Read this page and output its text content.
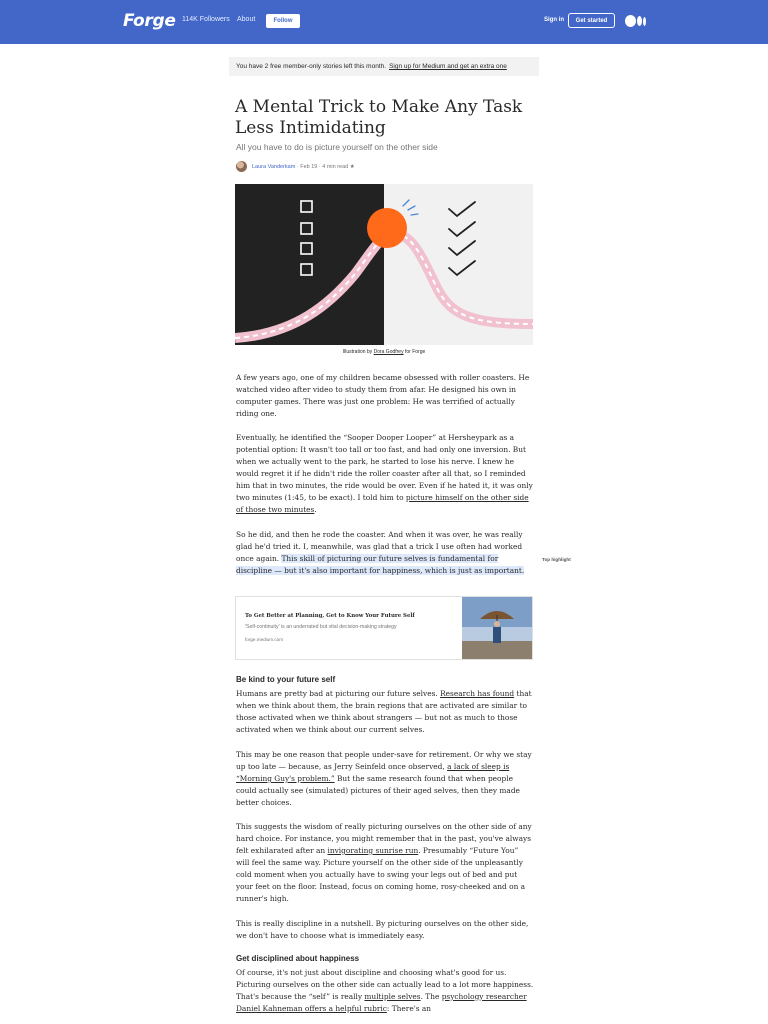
Forge 114K Followers About	Follow	Sign in	Get started
You have 2 free member-only stories left this month. Sign up for Medium and get an extra one
A Mental Trick to Make Any Task Less Intimidating
All you have to do is picture yourself on the other side
Laura Vanderkam · Feb 19 · 4 min read ★
Illustration by Dora Godfrey for Forge

A few years ago, one of my children became obsessed with roller coasters. He watched video after video to study them from afar. He designed his own in computer games. There was just one problem: He was terrified of actually riding one.

Eventually, he identified the “Sooper Dooper Looper” at Hersheypark as a potential option: It wasn't too tall or too fast, and had only one inversion. But when we actually went to the park, he started to lose his nerve. I knew he would regret it if he didn't ride the roller coaster after all that, so I reminded him that in two minutes, the ride would be over. Even if he hated it, it was only two minutes (1:45, to be exact). I told him to picture himself on the other side of those two minutes.

So he did, and then he rode the coaster. And when it was over, he was really glad he'd tried it. I, meanwhile, was glad that a trick I use often had worked once again. This skill of picturing our future selves is fundamental for discipline — but it's also important for happiness, which is just as important.

Top highlight
To Get Better at Planning, Get to Know Your Future Self
'Self-continuity' is an underrated but vital decision-making strategy
forge.medium.com
Be kind to your future self

Humans are pretty bad at picturing our future selves. Research has found that when we think about them, the brain regions that are activated are similar to those activated when we think about strangers — but not as much to those activated when we think about our current selves.

This may be one reason that people under-save for retirement. Or why we stay up too late — because, as Jerry Seinfeld once observed, a lack of sleep is “Morning Guy's problem.” But the same research found that when people could actually see (simulated) pictures of their aged selves, then they made better choices.

This suggests the wisdom of really picturing ourselves on the other side of any hard choice. For instance, you might remember that in the past, you've always felt exhilarated after an invigorating sunrise run. Presumably “Future You” will feel the same way. Picture yourself on the other side of the unpleasantly cold moment when you actually have to swing your legs out of bed and put your feet on the floor. Instead, focus on coming home, rosy-cheeked and on a runner's high.

This is really discipline in a nutshell. By picturing ourselves on the other side, we don't have to choose what is immediately easy.

Get disciplined about happiness

Of course, it's not just about discipline and choosing what's good for us. Picturing ourselves on the other side can actually lead to a lot more happiness. That's because the “self” is really multiple selves. The psychology researcher Daniel Kahneman offers a helpful rubric: There's an
